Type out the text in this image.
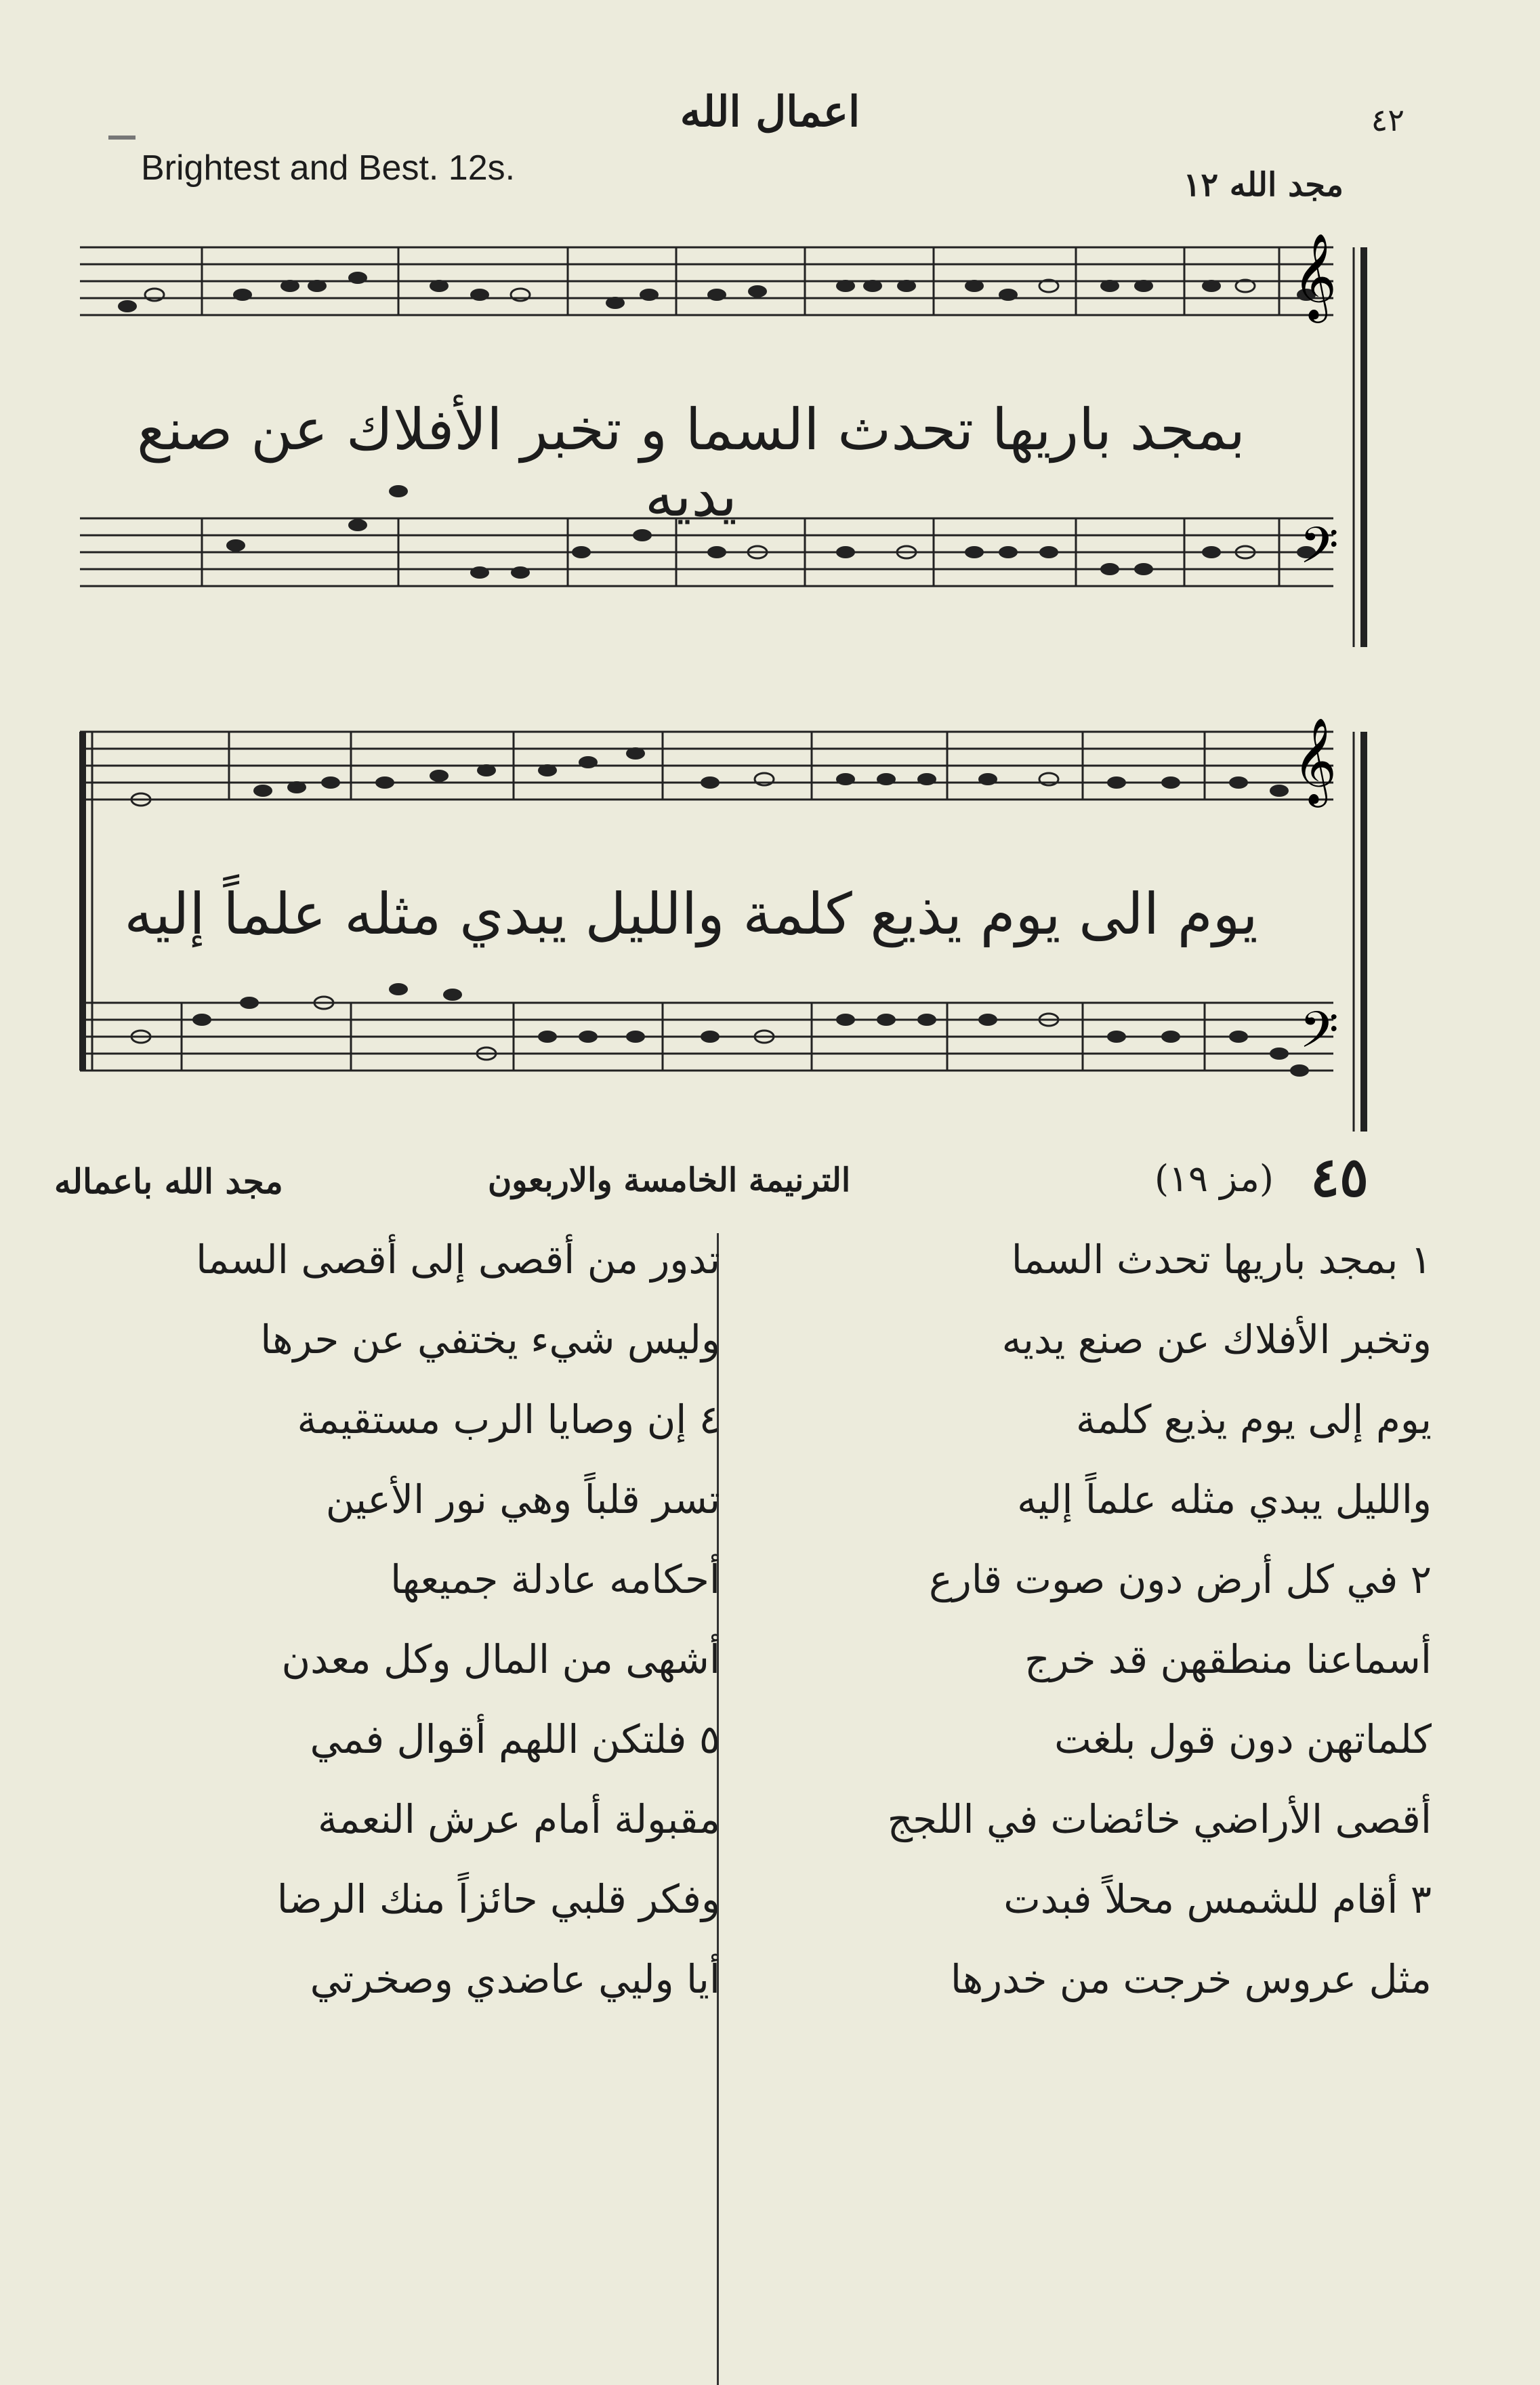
اعمال الله	٤٢
Brightest and Best. 12s.	مجد الله ١٢
𝄞
𝄢
بمجد باريها تحدث السما و تخبر الأفلاك عن صنع يديه
𝄞
𝄢
يوم الى يوم يذيع كلمة والليل يبدي مثله علماً إليه
٤٥
(مز ١٩)
الترنيمة الخامسة والاربعون
مجد الله باعماله
١ بمجد باريها تحدث السما
وتخبر الأفلاك عن صنع يديه
يوم إلى يوم يذيع كلمة
والليل يبدي مثله علماً إليه
٢ في كل أرض دون صوت قارع
أسماعنا منطقهن قد خرج
كلماتهن دون قول بلغت
أقصى الأراضي خائضات في اللجج
٣ أقام للشمس محلاً فبدت
مثل عروس خرجت من خدرها
تدور من أقصى إلى أقصى السما
وليس شيء يختفي عن حرها
٤ إن وصايا الرب مستقيمة
تسر قلباً وهي نور الأعين
أحكامه عادلة جميعها
أشهى من المال وكل معدن
٥ فلتكن اللهم أقوال فمي
مقبولة أمام عرش النعمة
وفكر قلبي حائزاً منك الرضا
أيا وليي عاضدي وصخرتي
